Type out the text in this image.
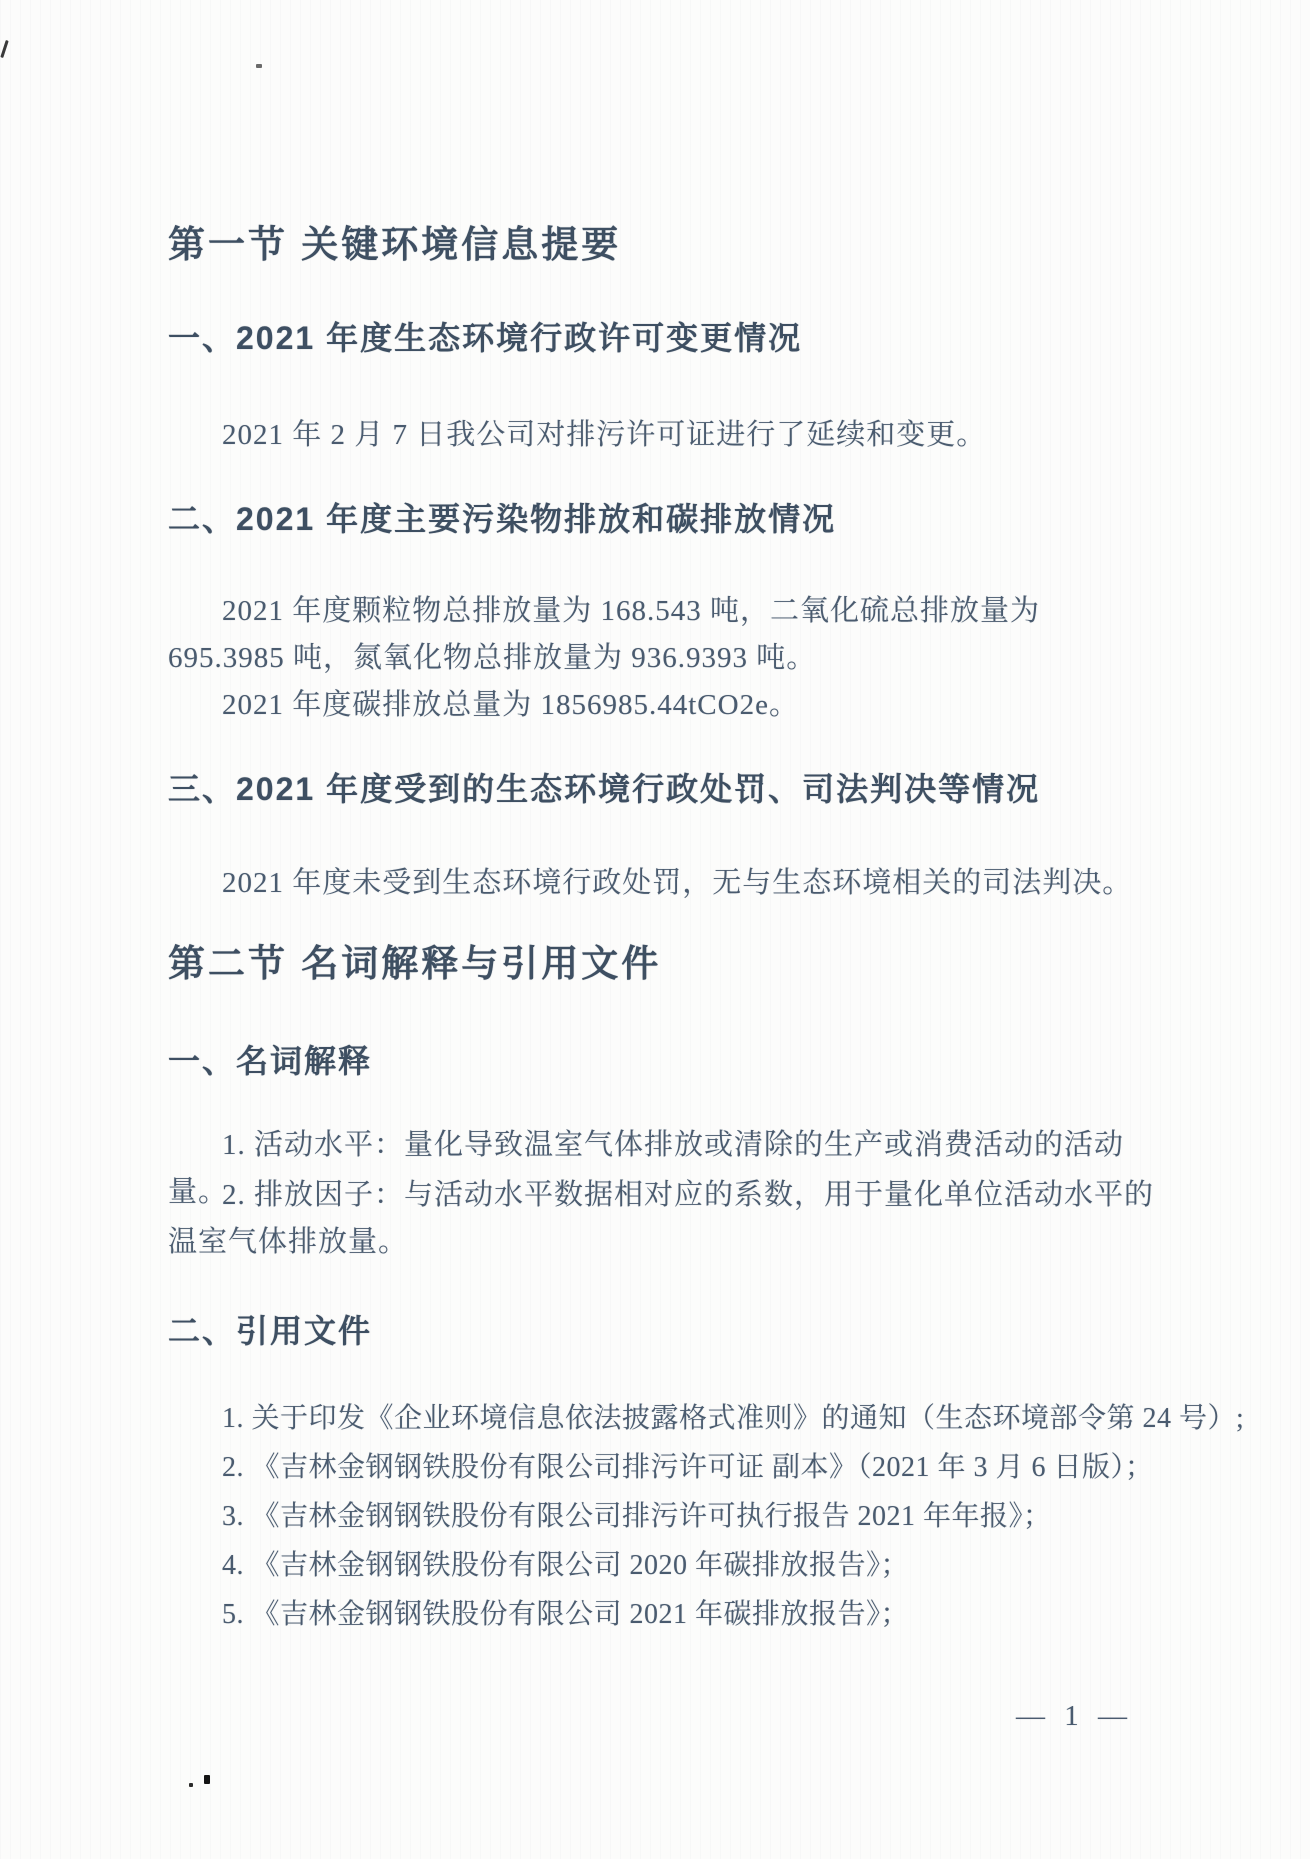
第一节 关键环境信息提要
一、2021 年度生态环境行政许可变更情况
2021 年 2 月 7 日我公司对排污许可证进行了延续和变更。
二、2021 年度主要污染物排放和碳排放情况
2021 年度颗粒物总排放量为 168.543 吨，二氧化硫总排放量为 695.3985 吨，氮氧化物总排放量为 936.9393 吨。
2021 年度碳排放总量为 1856985.44tCO2e。
三、2021 年度受到的生态环境行政处罚、司法判决等情况
2021 年度未受到生态环境行政处罚，无与生态环境相关的司法判决。
第二节 名词解释与引用文件
一、名词解释
1. 活动水平：量化导致温室气体排放或清除的生产或消费活动的活动量。
2. 排放因子：与活动水平数据相对应的系数，用于量化单位活动水平的温室气体排放量。
二、引用文件
1. 关于印发《企业环境信息依法披露格式准则》的通知（生态环境部令第 24 号）;
2. 《吉林金钢钢铁股份有限公司排污许可证 副本》（2021 年 3 月 6 日版）；
3. 《吉林金钢钢铁股份有限公司排污许可执行报告 2021 年年报》；
4. 《吉林金钢钢铁股份有限公司 2020 年碳排放报告》；
5. 《吉林金钢钢铁股份有限公司 2021 年碳排放报告》；
— 1 —
